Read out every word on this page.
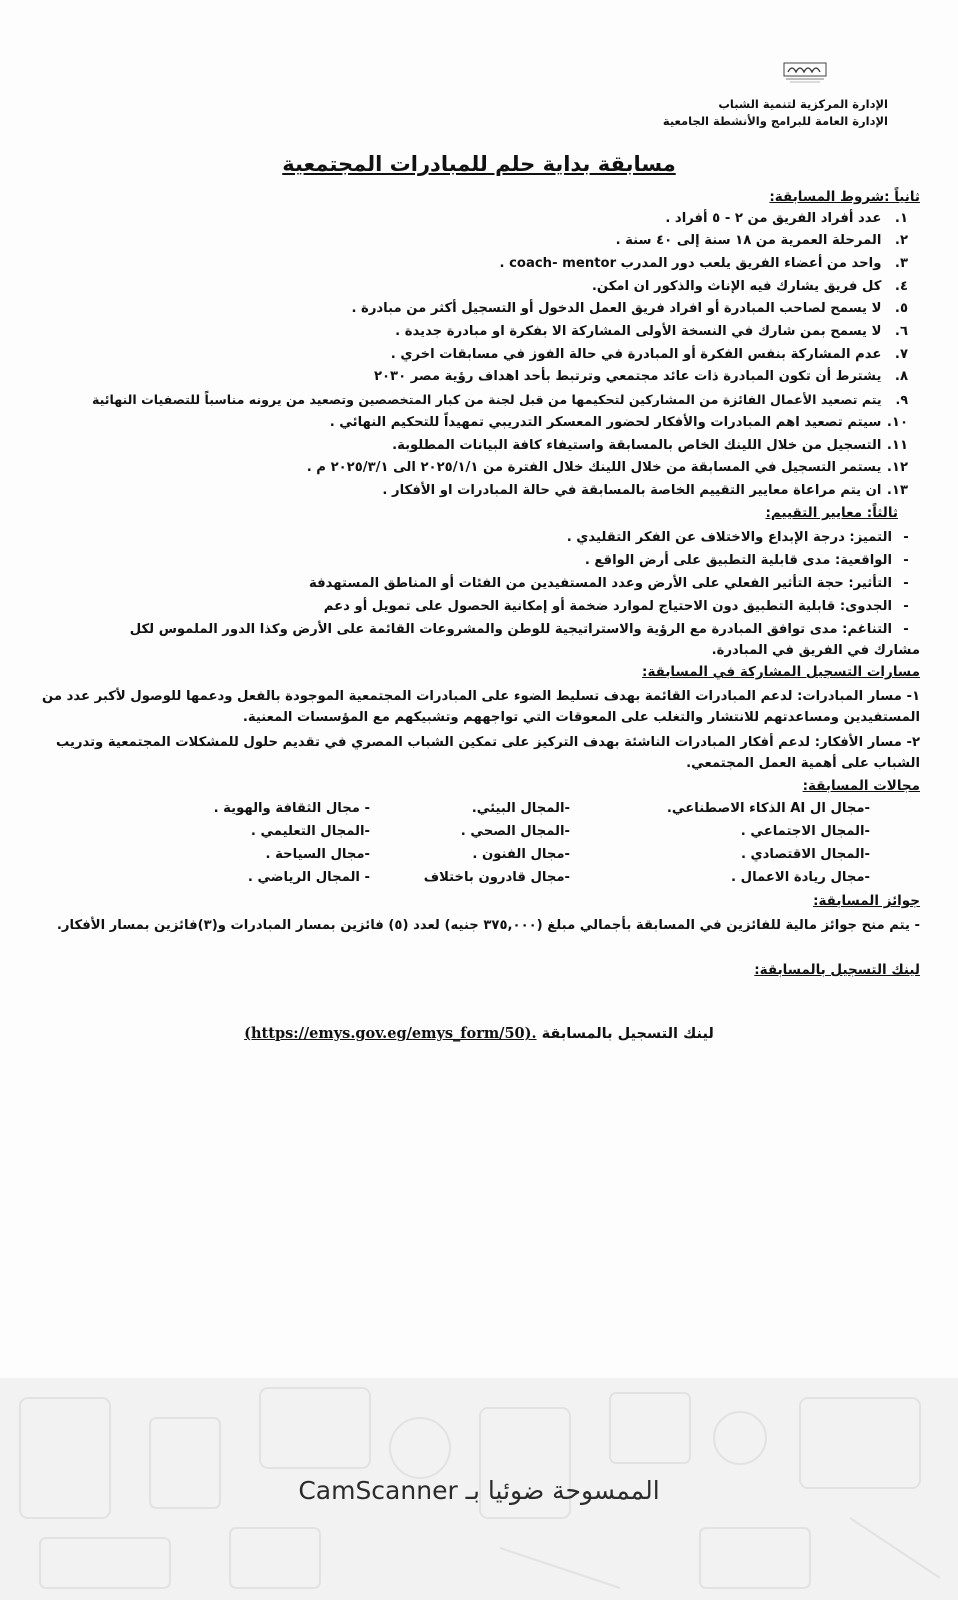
الإدارة المركزية لتنمية الشباب
الإدارة العامة للبرامج والأنشطة الجامعية
مسابقة بداية حلم للمبادرات المجتمعية
ثانياً :شروط المسابقة:
١. عدد أفراد الفريق من ٢ - ٥ أفراد .
٢. المرحلة العمرية من ١٨ سنة إلى ٤٠ سنة .
٣. واحد من أعضاء الفريق يلعب دور المدرب coach- mentor .
٤. كل فريق يشارك فيه الإناث والذكور ان امكن.
٥. لا يسمح لصاحب المبادرة أو افراد فريق العمل الدخول أو التسجيل أكثر من مبادرة .
٦. لا يسمح بمن شارك في النسخة الأولى المشاركة الا بفكرة او مبادرة جديدة .
٧. عدم المشاركة بنفس الفكرة أو المبادرة في حالة الفوز في مسابقات اخري .
٨. يشترط أن تكون المبادرة ذات عائد مجتمعي وترتبط بأحد اهداف رؤية مصر ٢٠٣٠
٩. يتم تصعيد الأعمال الفائزة من المشاركين لتحكيمها من قبل لجنة من كبار المتخصصين وتصعيد من يرونه مناسباً للتصفيات النهائية
١٠. سيتم تصعيد اهم المبادرات والأفكار لحضور المعسكر التدريبي تمهيداً للتحكيم النهائي .
١١. التسجيل من خلال اللينك الخاص بالمسابقة واستيفاء كافة البيانات المطلوبة.
١٢. يستمر التسجيل في المسابقة من خلال اللينك خلال الفترة من ٢٠٢٥/١/١ الى ٢٠٢٥/٣/١ م .
١٣. ان يتم مراعاة معايير التقييم الخاصة بالمسابقة في حالة المبادرات او الأفكار .
ثالثاً: معايير التقييم:
-التميز: درجة الإبداع والاختلاف عن الفكر التقليدي .
-الواقعية: مدى قابلية التطبيق على أرض الواقع .
-التأثير: حجة التأثير الفعلي على الأرض وعدد المستفيدين من الفئات أو المناطق المستهدفة
-الجدوى: قابلية التطبيق دون الاحتياج لموارد ضخمة أو إمكانية الحصول على تمويل أو دعم
-التناغم: مدى توافق المبادرة مع الرؤية والاستراتيجية للوطن والمشروعات القائمة على الأرض وكذا الدور الملموس لكل مشارك في الفريق في المبادرة.
مسارات التسجيل المشاركة في المسابقة:
١- مسار المبادرات: لدعم المبادرات القائمة بهدف تسليط الضوء على المبادرات المجتمعية الموجودة بالفعل ودعمها للوصول لأكبر عدد من المستفيدين ومساعدتهم للانتشار والتغلب على المعوقات التي تواجههم وتشبيكهم مع المؤسسات المعنية.
٢- مسار الأفكار: لدعم أفكار المبادرات الناشئة بهدف التركيز على تمكين الشباب المصري في تقديم حلول للمشكلات المجتمعية وتدريب الشباب على أهمية العمل المجتمعي.
مجالات المسابقة:
-مجال ال AI الذكاء الاصطناعي.
-المجال الاجتماعي .
-المجال الاقتصادي .
-مجال ريادة الاعمال .
-المجال البيئي.
-المجال الصحي .
-مجال الفنون .
-مجال قادرون باختلاف
- مجال الثقافة والهوية .
-المجال التعليمي .
-مجال السياحة .
- المجال الرياضي .
جوائز المسابقة:
- يتم منح جوائز مالية للفائزين في المسابقة بأجمالي مبلغ (٣٧٥,٠٠٠ جنيه) لعدد (٥) فائزين بمسار المبادرات و(٣)فائزين بمسار الأفكار.
لينك التسجيل بالمسابقة:
لينك التسجيل بالمسابقة (https://emys.gov.eg/emys_form/50).
الممسوحة ضوئيا بـ CamScanner
